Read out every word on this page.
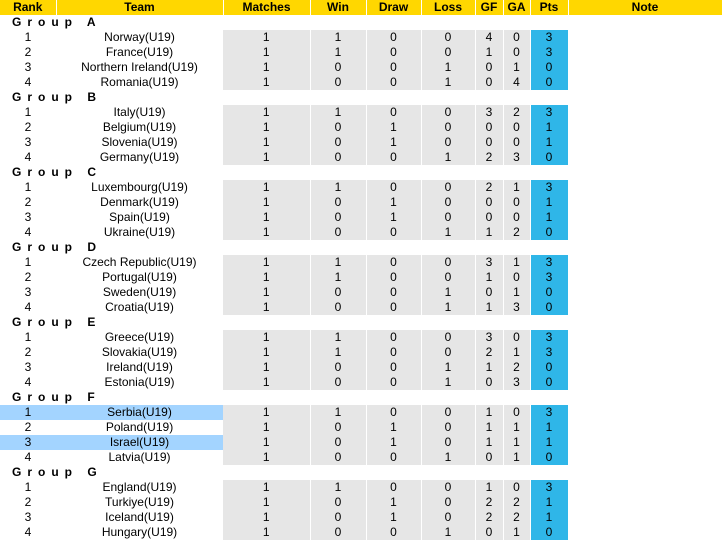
Rank	Team	Matches	Win	Draw	Loss	GF	GA	Pts	Note
Group A									
1	Norway(U19)	1	1	0	0	4	0	3	
2	France(U19)	1	1	0	0	1	0	3	
3	Northern Ireland(U19)	1	0	0	1	0	1	0	
4	Romania(U19)	1	0	0	1	0	4	0	
Group B									
1	Italy(U19)	1	1	0	0	3	2	3	
2	Belgium(U19)	1	0	1	0	0	0	1	
3	Slovenia(U19)	1	0	1	0	0	0	1	
4	Germany(U19)	1	0	0	1	2	3	0	
Group C									
1	Luxembourg(U19)	1	1	0	0	2	1	3	
2	Denmark(U19)	1	0	1	0	0	0	1	
3	Spain(U19)	1	0	1	0	0	0	1	
4	Ukraine(U19)	1	0	0	1	1	2	0	
Group D									
1	Czech Republic(U19)	1	1	0	0	3	1	3	
2	Portugal(U19)	1	1	0	0	1	0	3	
3	Sweden(U19)	1	0	0	1	0	1	0	
4	Croatia(U19)	1	0	0	1	1	3	0	
Group E									
1	Greece(U19)	1	1	0	0	3	0	3	
2	Slovakia(U19)	1	1	0	0	2	1	3	
3	Ireland(U19)	1	0	0	1	1	2	0	
4	Estonia(U19)	1	0	0	1	0	3	0	
Group F									
1	Serbia(U19)	1	1	0	0	1	0	3	
2	Poland(U19)	1	0	1	0	1	1	1	
3	Israel(U19)	1	0	1	0	1	1	1	
4	Latvia(U19)	1	0	0	1	0	1	0	
Group G									
1	England(U19)	1	1	0	0	1	0	3	
2	Turkiye(U19)	1	0	1	0	2	2	1	
3	Iceland(U19)	1	0	1	0	2	2	1	
4	Hungary(U19)	1	0	0	1	0	1	0	
